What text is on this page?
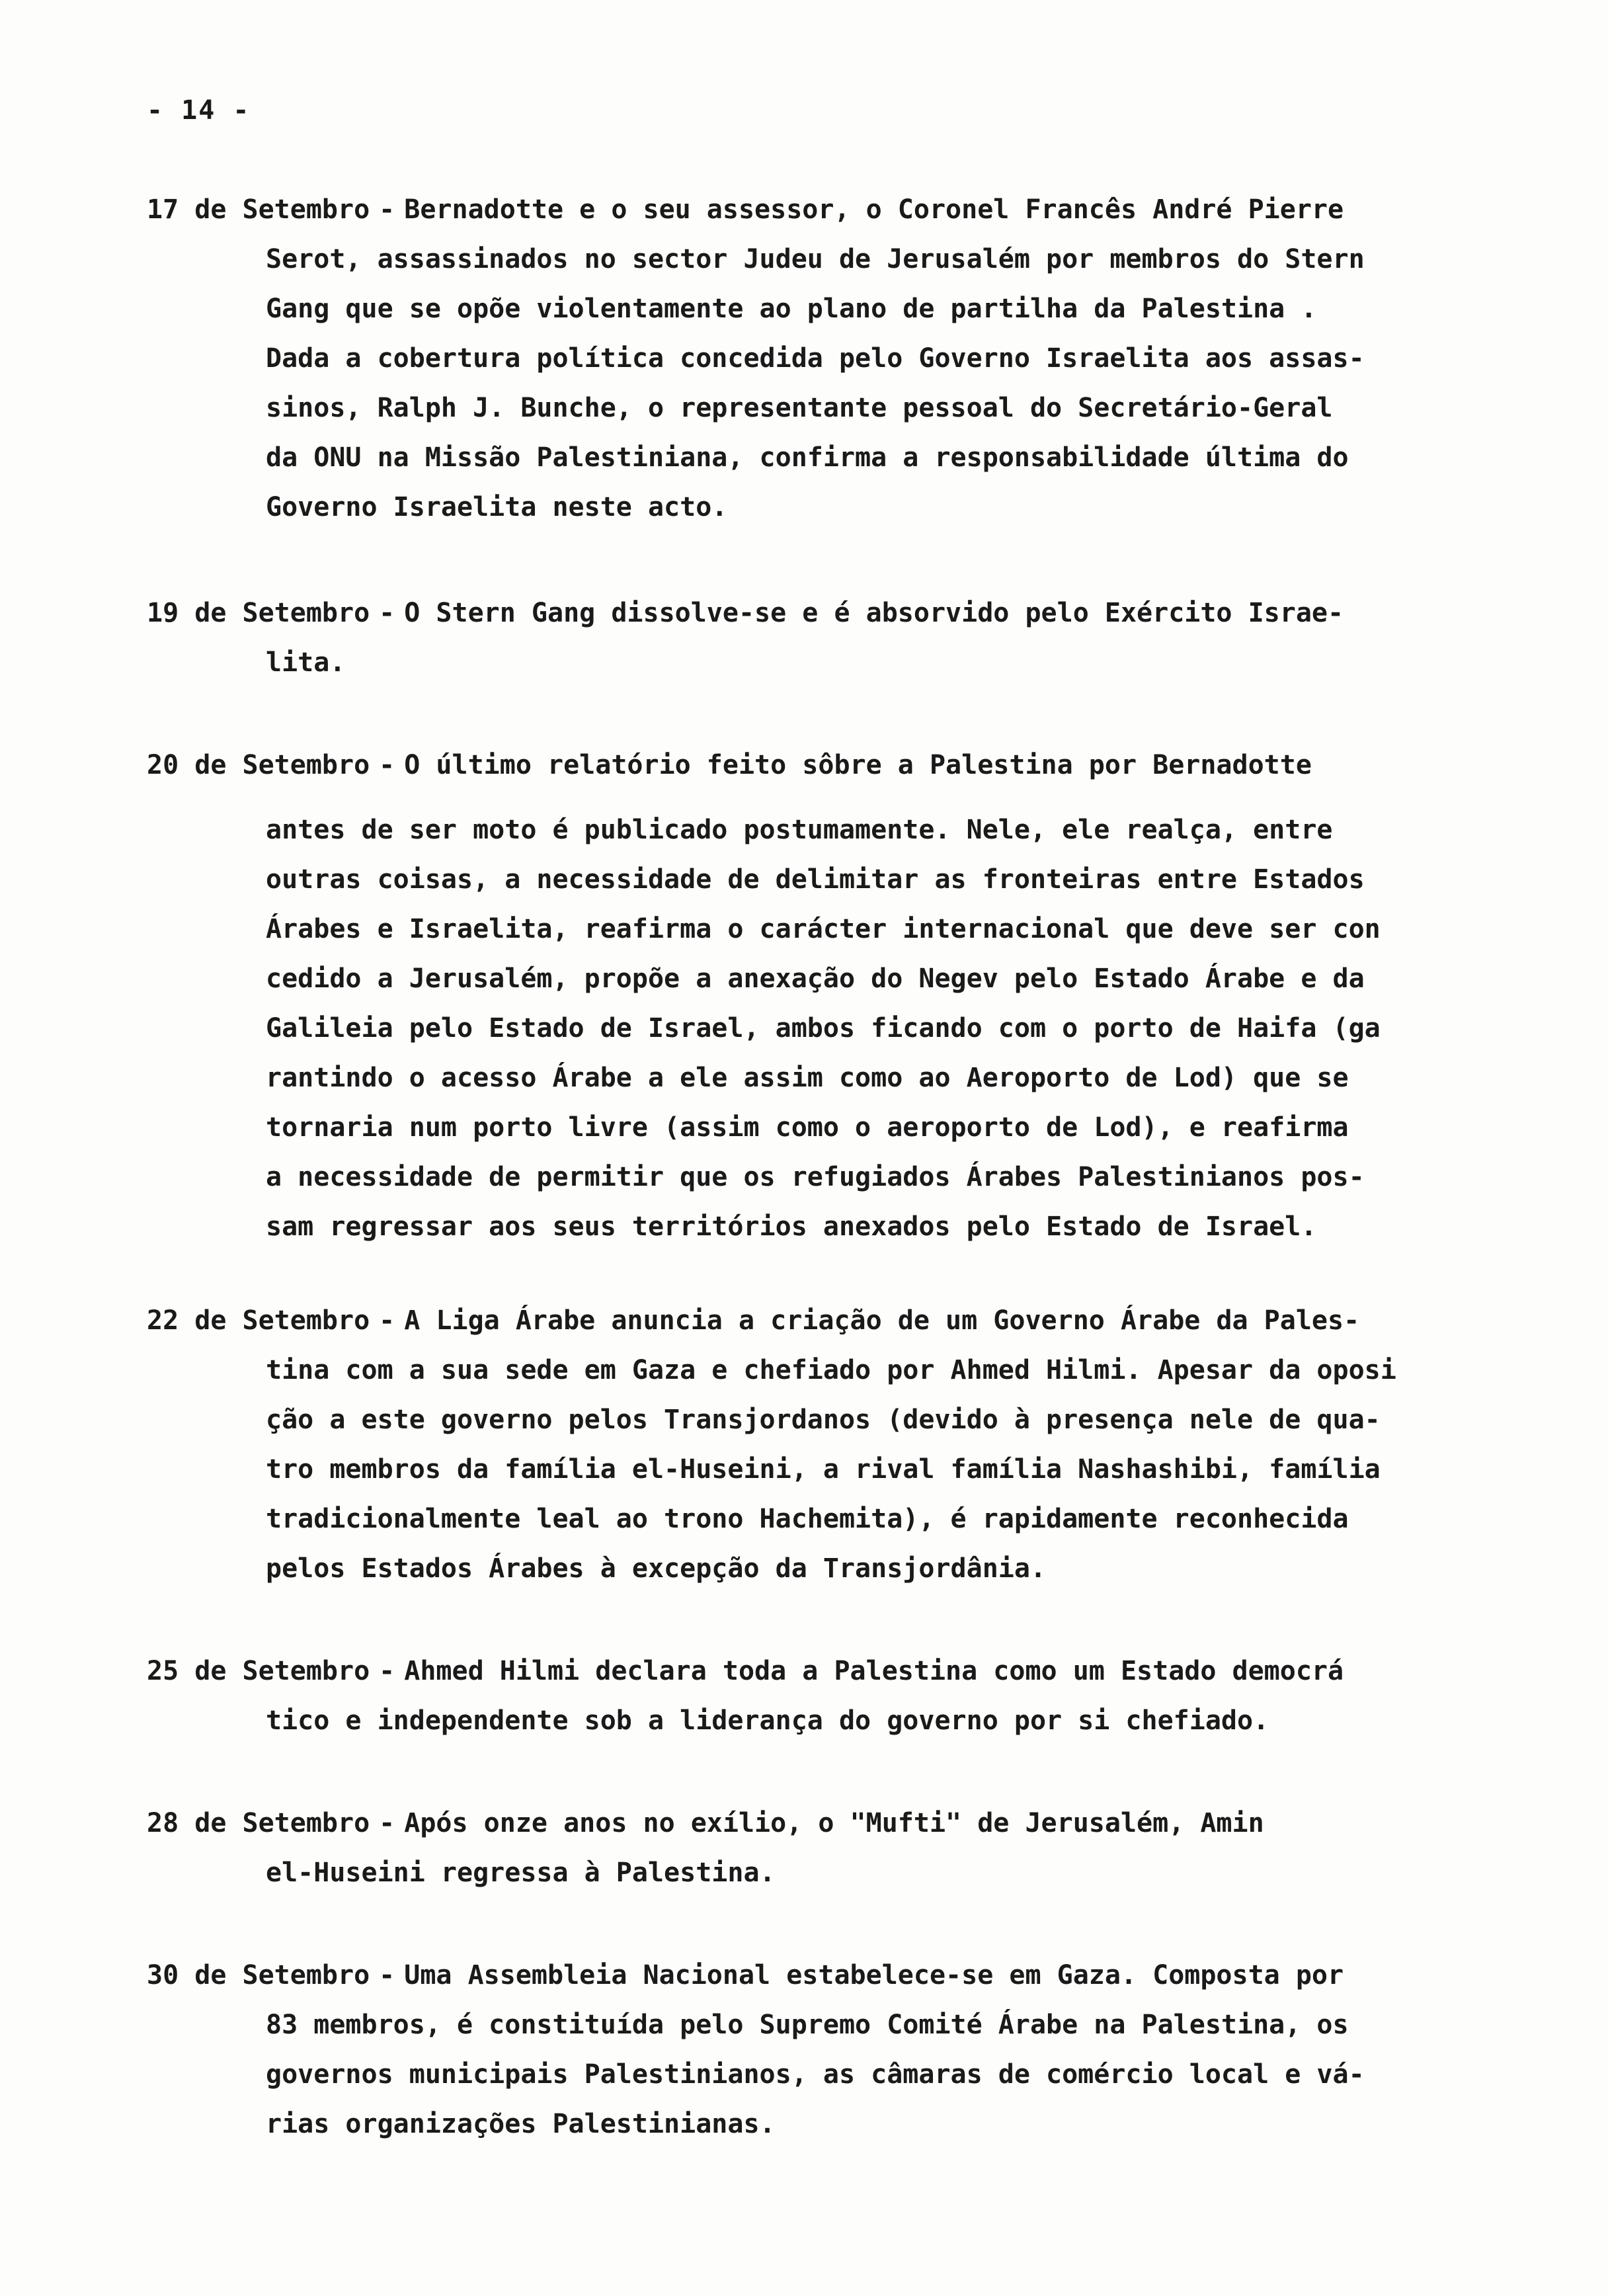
- 14 -
17 de Setembro - Bernadotte e o seu assessor, o Coronel Francês André Pierre
Serot, assassinados no sector Judeu de Jerusalém por membros do Stern
Gang que se opõe violentamente ao plano de partilha da Palestina .
Dada a cobertura política concedida pelo Governo Israelita aos assas-
sinos, Ralph J. Bunche, o representante pessoal do Secretário-Geral
da ONU na Missão Palestiniana, confirma a responsabilidade última do
Governo Israelita neste acto.
19 de Setembro - O Stern Gang dissolve-se e é absorvido pelo Exército Israe-
lita.
20 de Setembro - O último relatório feito sôbre a Palestina por Bernadotte
antes de ser moto é publicado postumamente. Nele, ele realça, entre
outras coisas, a necessidade de delimitar as fronteiras entre Estados
Árabes e Israelita, reafirma o carácter internacional que deve ser con
cedido a Jerusalém, propõe a anexação do Negev pelo Estado Árabe e da
Galileia pelo Estado de Israel, ambos ficando com o porto de Haifa (ga
rantindo o acesso Árabe a ele assim como ao Aeroporto de Lod) que se
tornaria num porto livre (assim como o aeroporto de Lod), e reafirma
a necessidade de permitir que os refugiados Árabes Palestinianos pos-
sam regressar aos seus territórios anexados pelo Estado de Israel.
22 de Setembro - A Liga Árabe anuncia a criação de um Governo Árabe da Pales-
tina com a sua sede em Gaza e chefiado por Ahmed Hilmi. Apesar da oposi
ção a este governo pelos Transjordanos (devido à presença nele de qua-
tro membros da família el-Huseini, a rival família Nashashibi, família
tradicionalmente leal ao trono Hachemita), é rapidamente reconhecida
pelos Estados Árabes à excepção da Transjordânia.
25 de Setembro - Ahmed Hilmi declara toda a Palestina como um Estado democrá
tico e independente sob a liderança do governo por si chefiado.
28 de Setembro - Após onze anos no exílio, o "Mufti" de Jerusalém, Amin
el-Huseini regressa à Palestina.
30 de Setembro - Uma Assembleia Nacional estabelece-se em Gaza. Composta por
83 membros, é constituída pelo Supremo Comité Árabe na Palestina, os
governos municipais Palestinianos, as câmaras de comércio local e vá-
rias organizações Palestinianas.
